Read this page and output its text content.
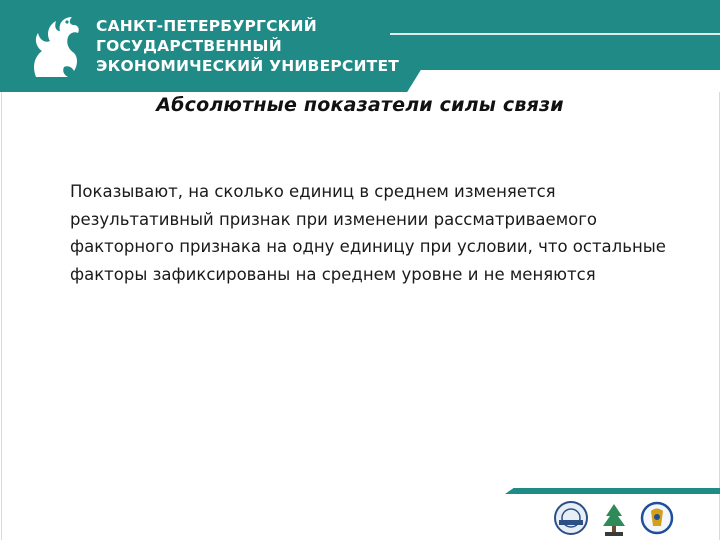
САНКТ-ПЕТЕРБУРГСКИЙ
ГОСУДАРСТВЕННЫЙ
ЭКОНОМИЧЕСКИЙ УНИВЕРСИТЕТ
Абсолютные показатели силы связи
Показывают, на сколько единиц в среднем изменяется результативный признак при изменении рассматриваемого факторного признака на одну единицу при условии, что остальные факторы зафиксированы на среднем уровне и не меняются
